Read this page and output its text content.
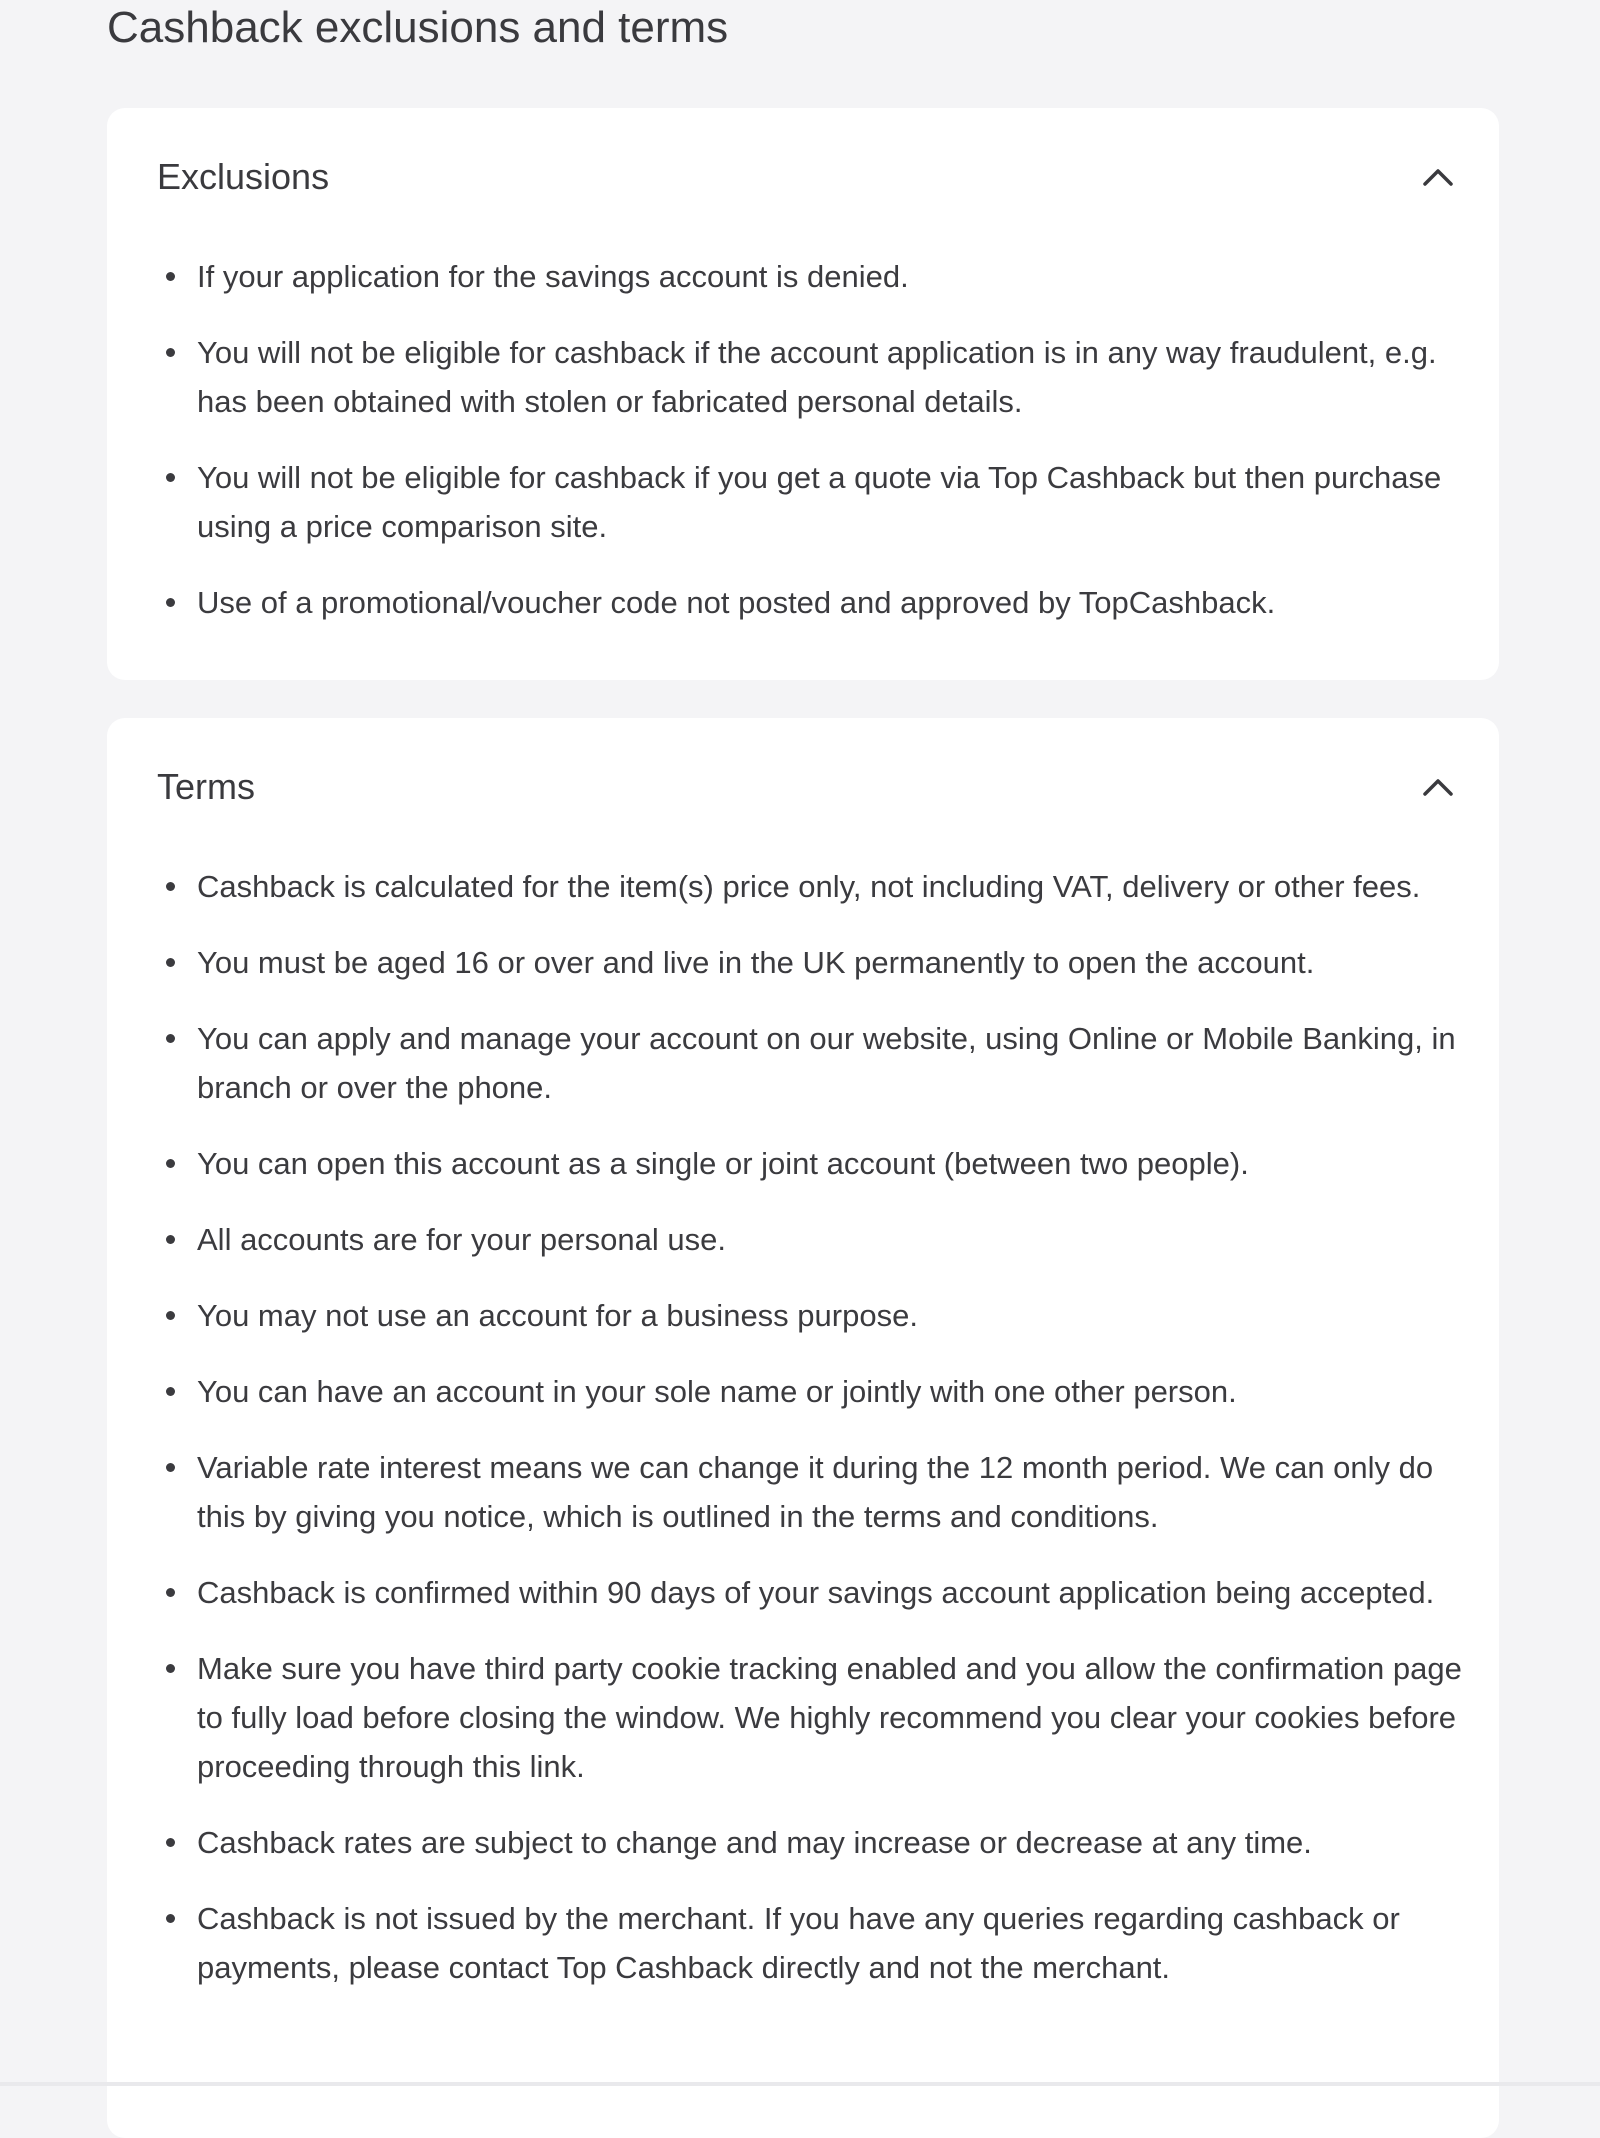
Cashback exclusions and terms
Exclusions
If your application for the savings account is denied.
You will not be eligible for cashback if the account application is in any way fraudulent, e.g. has been obtained with stolen or fabricated personal details.
You will not be eligible for cashback if you get a quote via Top Cashback but then purchase using a price comparison site.
Use of a promotional/voucher code not posted and approved by TopCashback.
Terms
Cashback is calculated for the item(s) price only, not including VAT, delivery or other fees.
You must be aged 16 or over and live in the UK permanently to open the account.
You can apply and manage your account on our website, using Online or Mobile Banking, in branch or over the phone.
You can open this account as a single or joint account (between two people).
All accounts are for your personal use.
You may not use an account for a business purpose.
You can have an account in your sole name or jointly with one other person.
Variable rate interest means we can change it during the 12 month period. We can only do this by giving you notice, which is outlined in the terms and conditions.
Cashback is confirmed within 90 days of your savings account application being accepted.
Make sure you have third party cookie tracking enabled and you allow the confirmation page to fully load before closing the window. We highly recommend you clear your cookies before proceeding through this link.
Cashback rates are subject to change and may increase or decrease at any time.
Cashback is not issued by the merchant. If you have any queries regarding cashback or payments, please contact Top Cashback directly and not the merchant.
